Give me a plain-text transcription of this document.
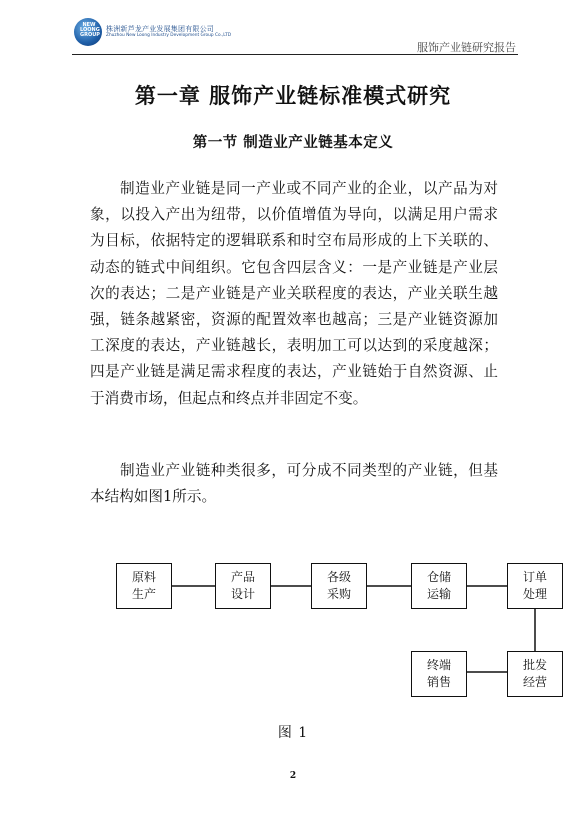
NEW LOONG GROUP
株洲新芦龙产业发展集团有限公司
Zhuzhou New Loong Industry Development Group Co.,LTD
服饰产业链研究报告
第一章 服饰产业链标准模式研究
第一节 制造业产业链基本定义

制造业产业链是同一产业或不同产业的企业，以产品为对象，以投入产出为纽带，以价值增值为导向，以满足用户需求为目标，依据特定的逻辑联系和时空布局形成的上下关联的、动态的链式中间组织。它包含四层含义：一是产业链是产业层次的表达；二是产业链是产业关联程度的表达，产业关联生越强，链条越紧密，资源的配置效率也越高；三是产业链资源加工深度的表达，产业链越长，表明加工可以达到的采度越深；四是产业链是满足需求程度的表达，产业链始于自然资源、止于消费市场，但起点和终点并非固定不变。

制造业产业链种类很多，可分成不同类型的产业链，但基本结构如图1所示。

原料生产
产品设计
各级采购
仓储运输
订单处理
批发经营
终端销售
图 1
2
